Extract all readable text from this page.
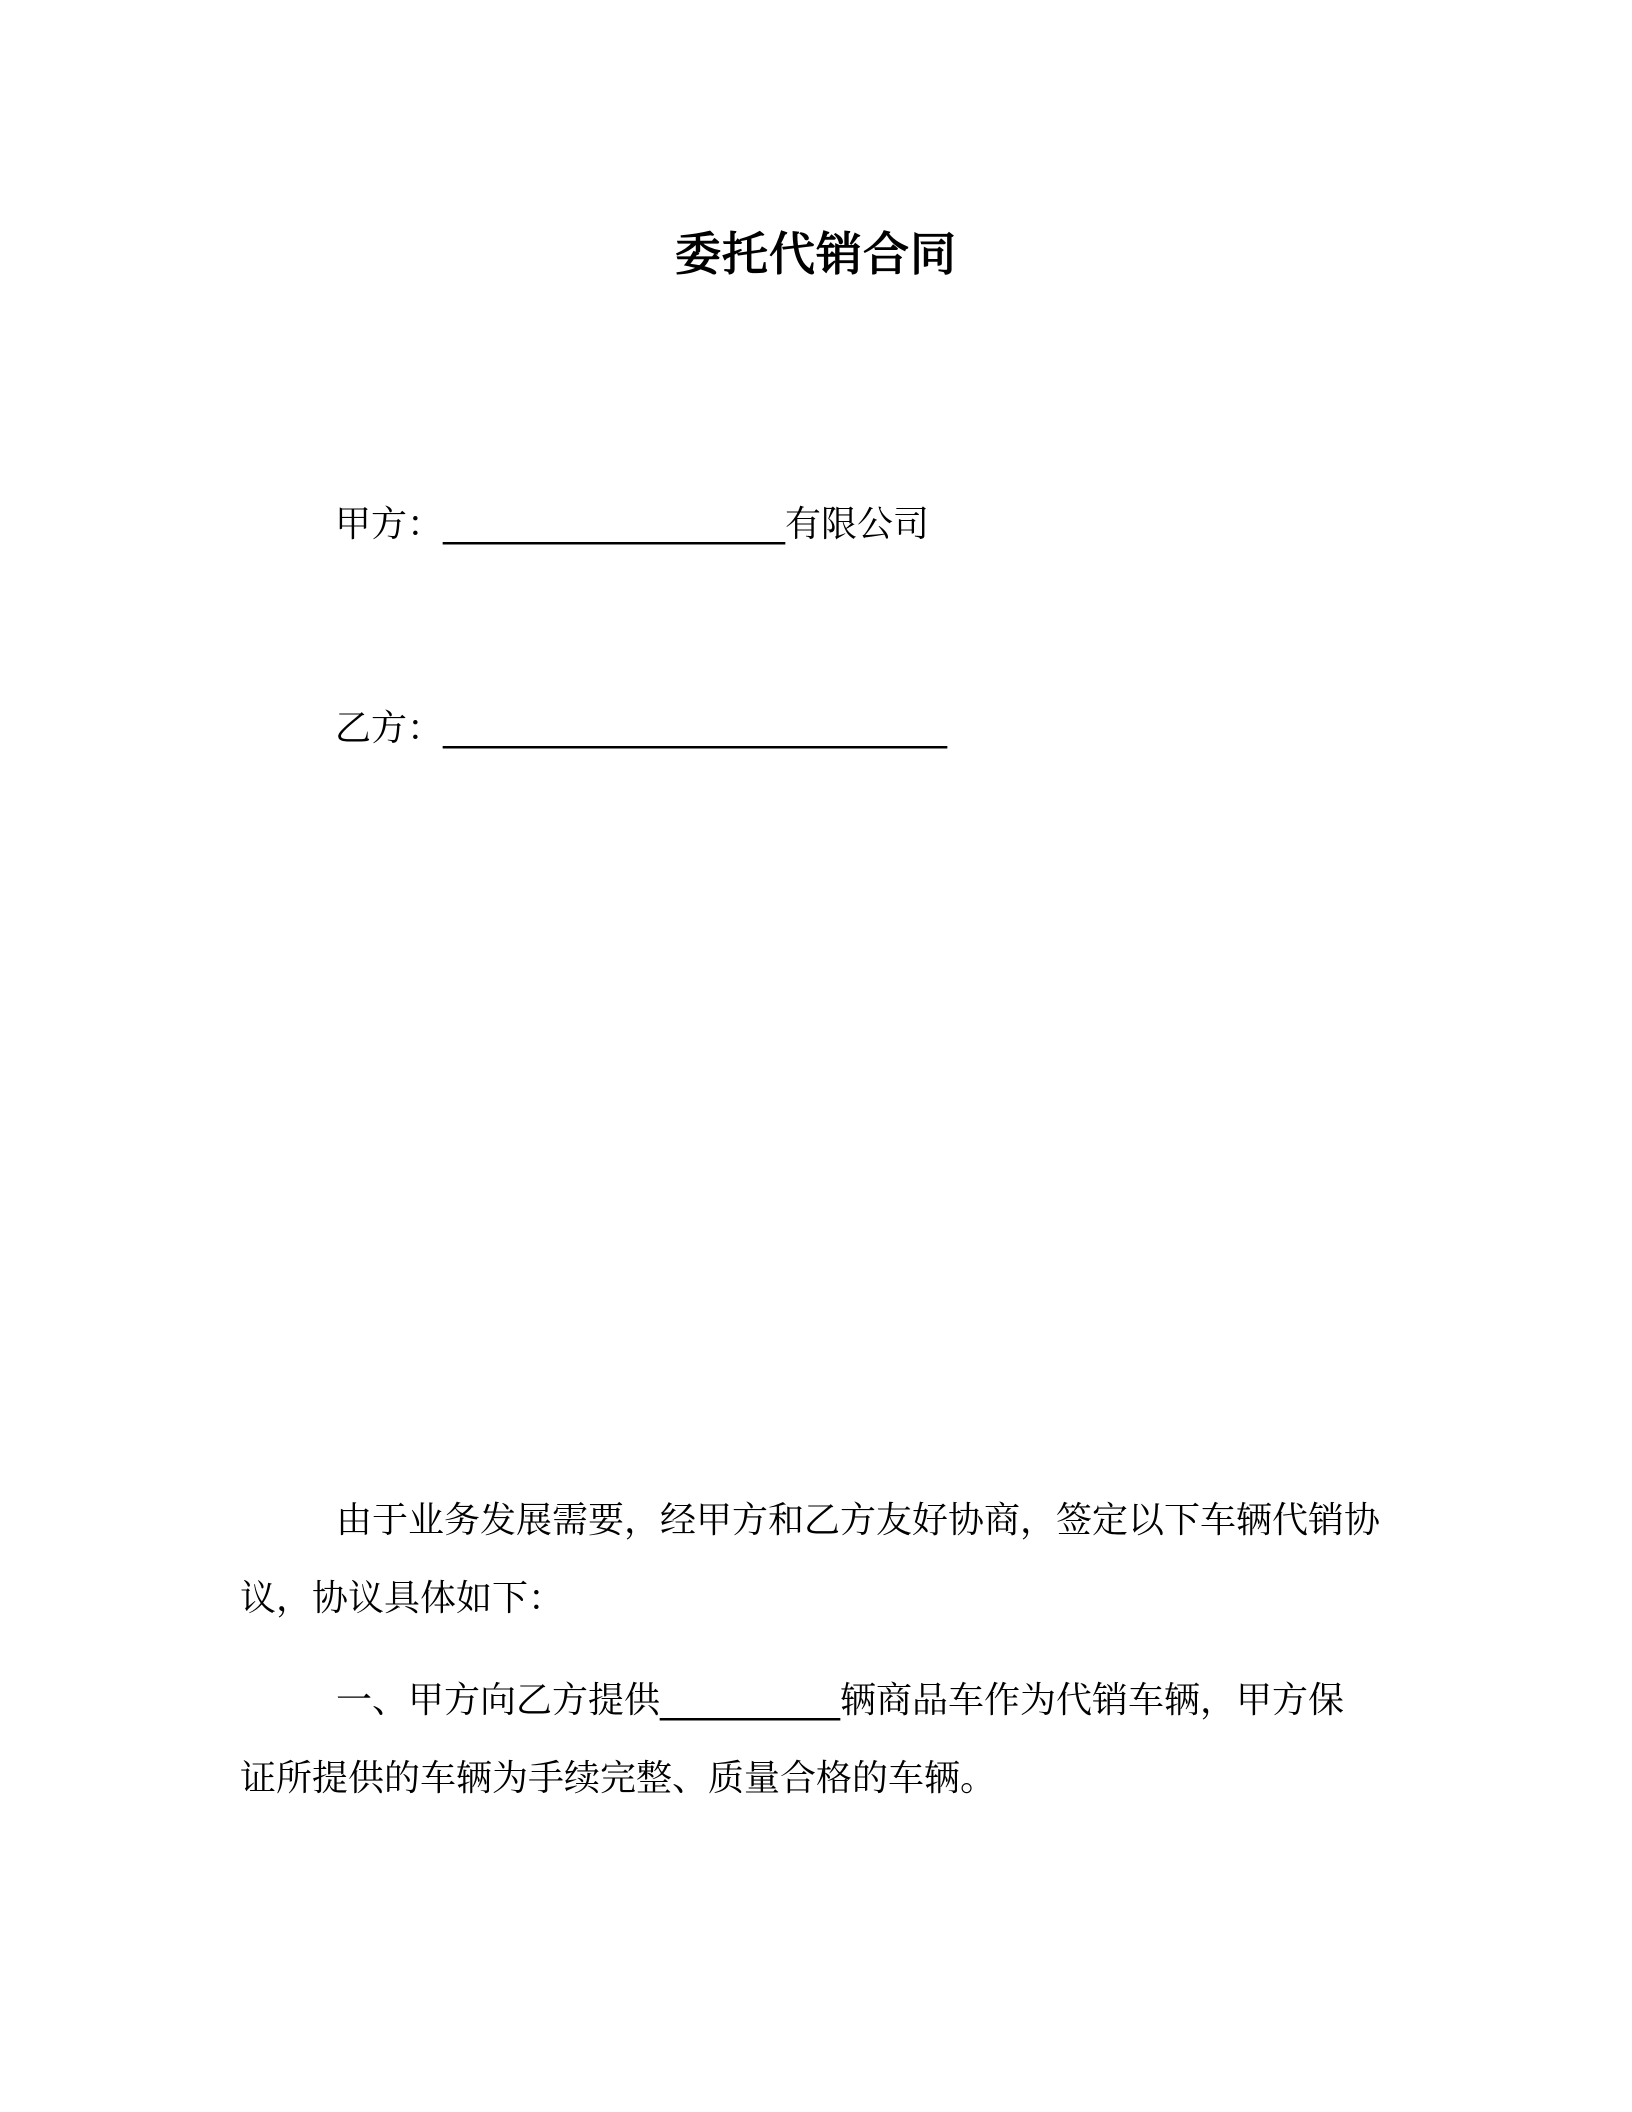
委托代销合同
甲方：___________________有限公司
乙方：____________________________
由于业务发展需要，经甲方和乙方友好协商，签定以下车辆代销协议，协议具体如下：
一、甲方向乙方提供__________辆商品车作为代销车辆，甲方保证所提供的车辆为手续完整、质量合格的车辆。
